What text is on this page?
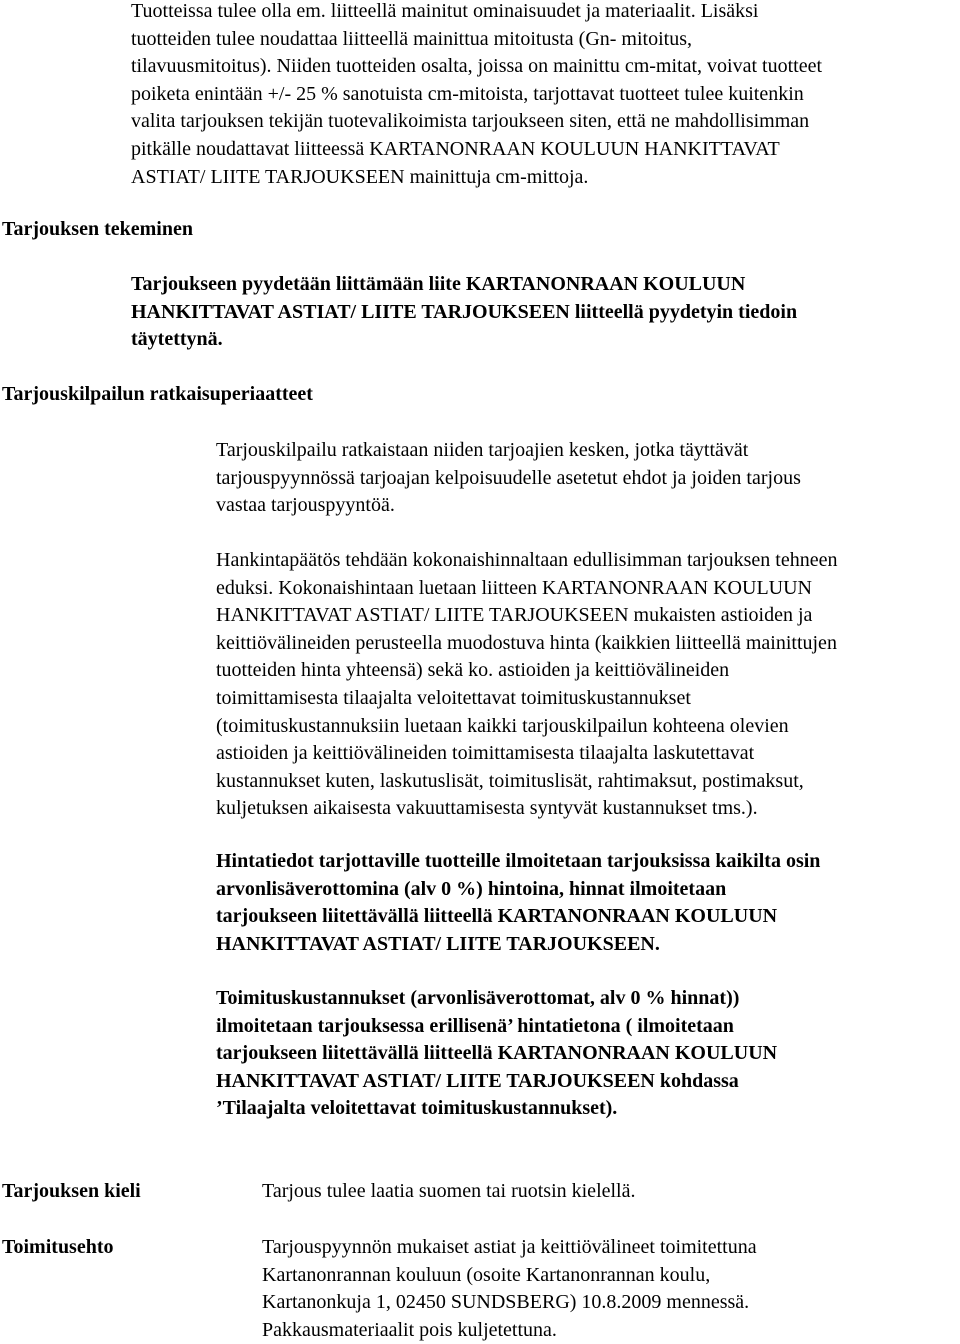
Tuotteissa tulee olla em. liitteellä mainitut ominaisuudet ja materiaalit. Lisäksi

tuotteiden tulee noudattaa liitteellä mainittua mitoitusta (Gn- mitoitus,

tilavuusmitoitus). Niiden tuotteiden osalta, joissa on mainittu cm-mitat, voivat tuotteet

poiketa enintään +/- 25 % sanotuista cm-mitoista, tarjottavat tuotteet tulee kuitenkin

valita tarjouksen tekijän tuotevalikoimista tarjoukseen siten, että ne mahdollisimman

pitkälle noudattavat liitteessä KARTANONRAAN KOULUUN HANKITTAVAT

ASTIAT/ LIITE TARJOUKSEEN mainittuja cm-mittoja.

Tarjouksen tekeminen

Tarjoukseen pyydetään liittämään liite KARTANONRAAN KOULUUN

HANKITTAVAT ASTIAT/ LIITE TARJOUKSEEN liitteellä pyydetyin tiedoin

täytettynä.

Tarjouskilpailun ratkaisuperiaatteet

Tarjouskilpailu ratkaistaan niiden tarjoajien kesken, jotka täyttävät

tarjouspyynnössä tarjoajan kelpoisuudelle asetetut ehdot ja joiden tarjous

vastaa tarjouspyyntöä.

Hankintapäätös tehdään kokonaishinnaltaan edullisimman tarjouksen tehneen

eduksi. Kokonaishintaan luetaan liitteen KARTANONRAAN KOULUUN

HANKITTAVAT ASTIAT/ LIITE TARJOUKSEEN mukaisten astioiden ja

keittiövälineiden perusteella muodostuva hinta (kaikkien liitteellä mainittujen

tuotteiden hinta yhteensä) sekä ko. astioiden ja keittiövälineiden

toimittamisesta tilaajalta veloitettavat toimituskustannukset

(toimituskustannuksiin luetaan kaikki tarjouskilpailun kohteena olevien

astioiden ja keittiövälineiden toimittamisesta tilaajalta laskutettavat

kustannukset kuten, laskutuslisät, toimituslisät, rahtimaksut, postimaksut,

kuljetuksen aikaisesta vakuuttamisesta syntyvät kustannukset tms.).

Hintatiedot tarjottaville tuotteille ilmoitetaan tarjouksissa kaikilta osin

arvonlisäverottomina (alv 0 %) hintoina, hinnat ilmoitetaan

tarjoukseen liitettävällä liitteellä KARTANONRAAN KOULUUN

HANKITTAVAT ASTIAT/ LIITE TARJOUKSEEN.

Toimituskustannukset (arvonlisäverottomat, alv 0 % hinnat))

ilmoitetaan tarjouksessa erillisenä’ hintatietona ( ilmoitetaan

tarjoukseen liitettävällä liitteellä KARTANONRAAN KOULUUN

HANKITTAVAT ASTIAT/ LIITE TARJOUKSEEN kohdassa

’Tilaajalta veloitettavat toimituskustannukset).

Tarjouksen kieli	Tarjous tulee laatia suomen tai ruotsin kielellä.

Toimitusehto	Tarjouspyynnön mukaiset astiat ja keittiövälineet toimitettuna

Kartanonrannan kouluun (osoite Kartanonrannan koulu,

Kartanonkuja 1, 02450 SUNDSBERG) 10.8.2009 mennessä.

Pakkausmateriaalit pois kuljetettuna.
